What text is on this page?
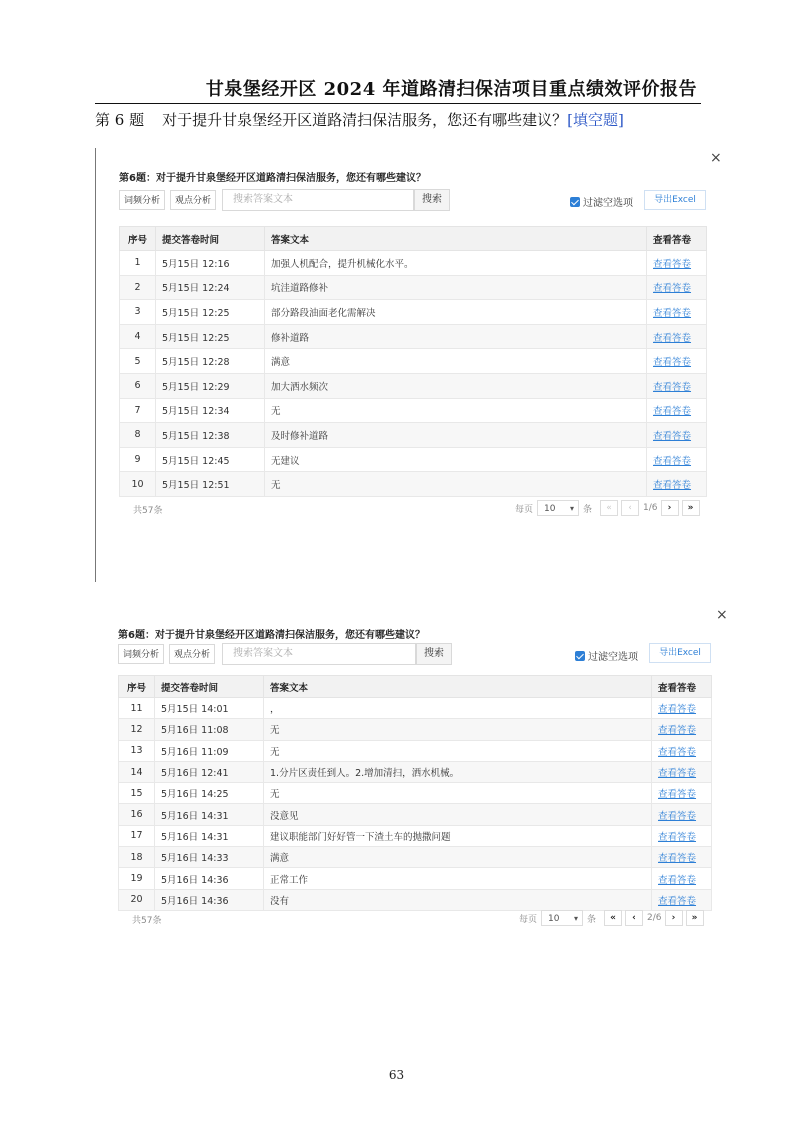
甘泉堡经开区 2024 年道路清扫保洁项目重点绩效评价报告
第 6 题 对于提升甘泉堡经开区道路清扫保洁服务，您还有哪些建议？[填空题]
×
第6题：对于提升甘泉堡经开区道路清扫保洁服务，您还有哪些建议？
词频分析	观点分析	搜索答案文本	搜索	过滤空选项	导出Excel
序号	提交答卷时间	答案文本	查看答卷
1	5月15日 12:16	加强人机配合，提升机械化水平。	查看答卷
2	5月15日 12:24	坑洼道路修补	查看答卷
3	5月15日 12:25	部分路段油面老化需解决	查看答卷
4	5月15日 12:25	修补道路	查看答卷
5	5月15日 12:28	满意	查看答卷
6	5月15日 12:29	加大洒水频次	查看答卷
7	5月15日 12:34	无	查看答卷
8	5月15日 12:38	及时修补道路	查看答卷
9	5月15日 12:45	无建议	查看答卷
10	5月15日 12:51	无	查看答卷
共57条	每页	10 ▾ 条	«	‹	1/6	›	»
×
第6题：对于提升甘泉堡经开区道路清扫保洁服务，您还有哪些建议？
词频分析	观点分析	搜索答案文本	搜索	过滤空选项	导出Excel
序号	提交答卷时间	答案文本	查看答卷
11	5月15日 14:01	，	查看答卷
12	5月16日 11:08	无	查看答卷
13	5月16日 11:09	无	查看答卷
14	5月16日 12:41	1.分片区责任到人。2.增加清扫，洒水机械。	查看答卷
15	5月16日 14:25	无	查看答卷
16	5月16日 14:31	没意见	查看答卷
17	5月16日 14:31	建议职能部门好好管一下渣土车的抛撒问题	查看答卷
18	5月16日 14:33	满意	查看答卷
19	5月16日 14:36	正常工作	查看答卷
20	5月16日 14:36	没有	查看答卷
共57条	每页	10 ▾ 条	«	‹	2/6	›	»
63
